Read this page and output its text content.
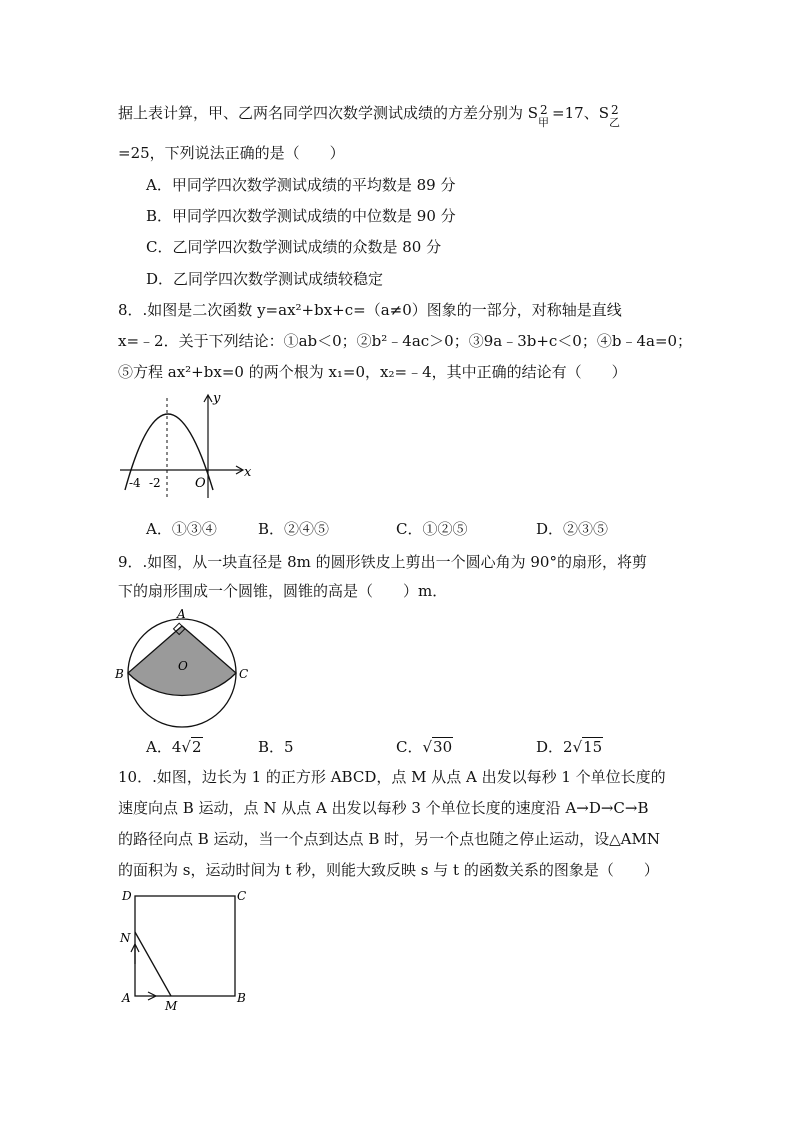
据上表计算，甲、乙两名同学四次数学测试成绩的方差分别为 S 2
甲
=17、S 2
乙
=25，下列说法正确的是（　　）
A．甲同学四次数学测试成绩的平均数是 89 分
B．甲同学四次数学测试成绩的中位数是 90 分
C．乙同学四次数学测试成绩的众数是 80 分
D．乙同学四次数学测试成绩较稳定
8．.如图是二次函数 y=ax²+bx+c=（a≠0）图象的一部分，对称轴是直线
x=﹣2．关于下列结论：①ab＜0；②b²﹣4ac＞0；③9a﹣3b+c＜0；④b﹣4a=0；
⑤方程 ax²+bx=0 的两个根为 x₁=0，x₂=﹣4，其中正确的结论有（　　）
y
x
O
-4 -2
A．①③④	B．②④⑤	C．①②⑤	D．②③⑤
9．.如图，从一块直径是 8m 的圆形铁皮上剪出一个圆心角为 90°的扇形，将剪
下的扇形围成一个圆锥，圆锥的高是（　　）m．
A
B	C
O
A．4√2	B．5	C．√30	D．2√15
10．.如图，边长为 1 的正方形 ABCD，点 M 从点 A 出发以每秒 1 个单位长度的
速度向点 B 运动，点 N 从点 A 出发以每秒 3 个单位长度的速度沿 A→D→C→B
的路径向点 B 运动，当一个点到达点 B 时，另一个点也随之停止运动，设△AMN
的面积为 s，运动时间为 t 秒，则能大致反映 s 与 t 的函数关系的图象是（　　）
D	C
N
A
M
B
